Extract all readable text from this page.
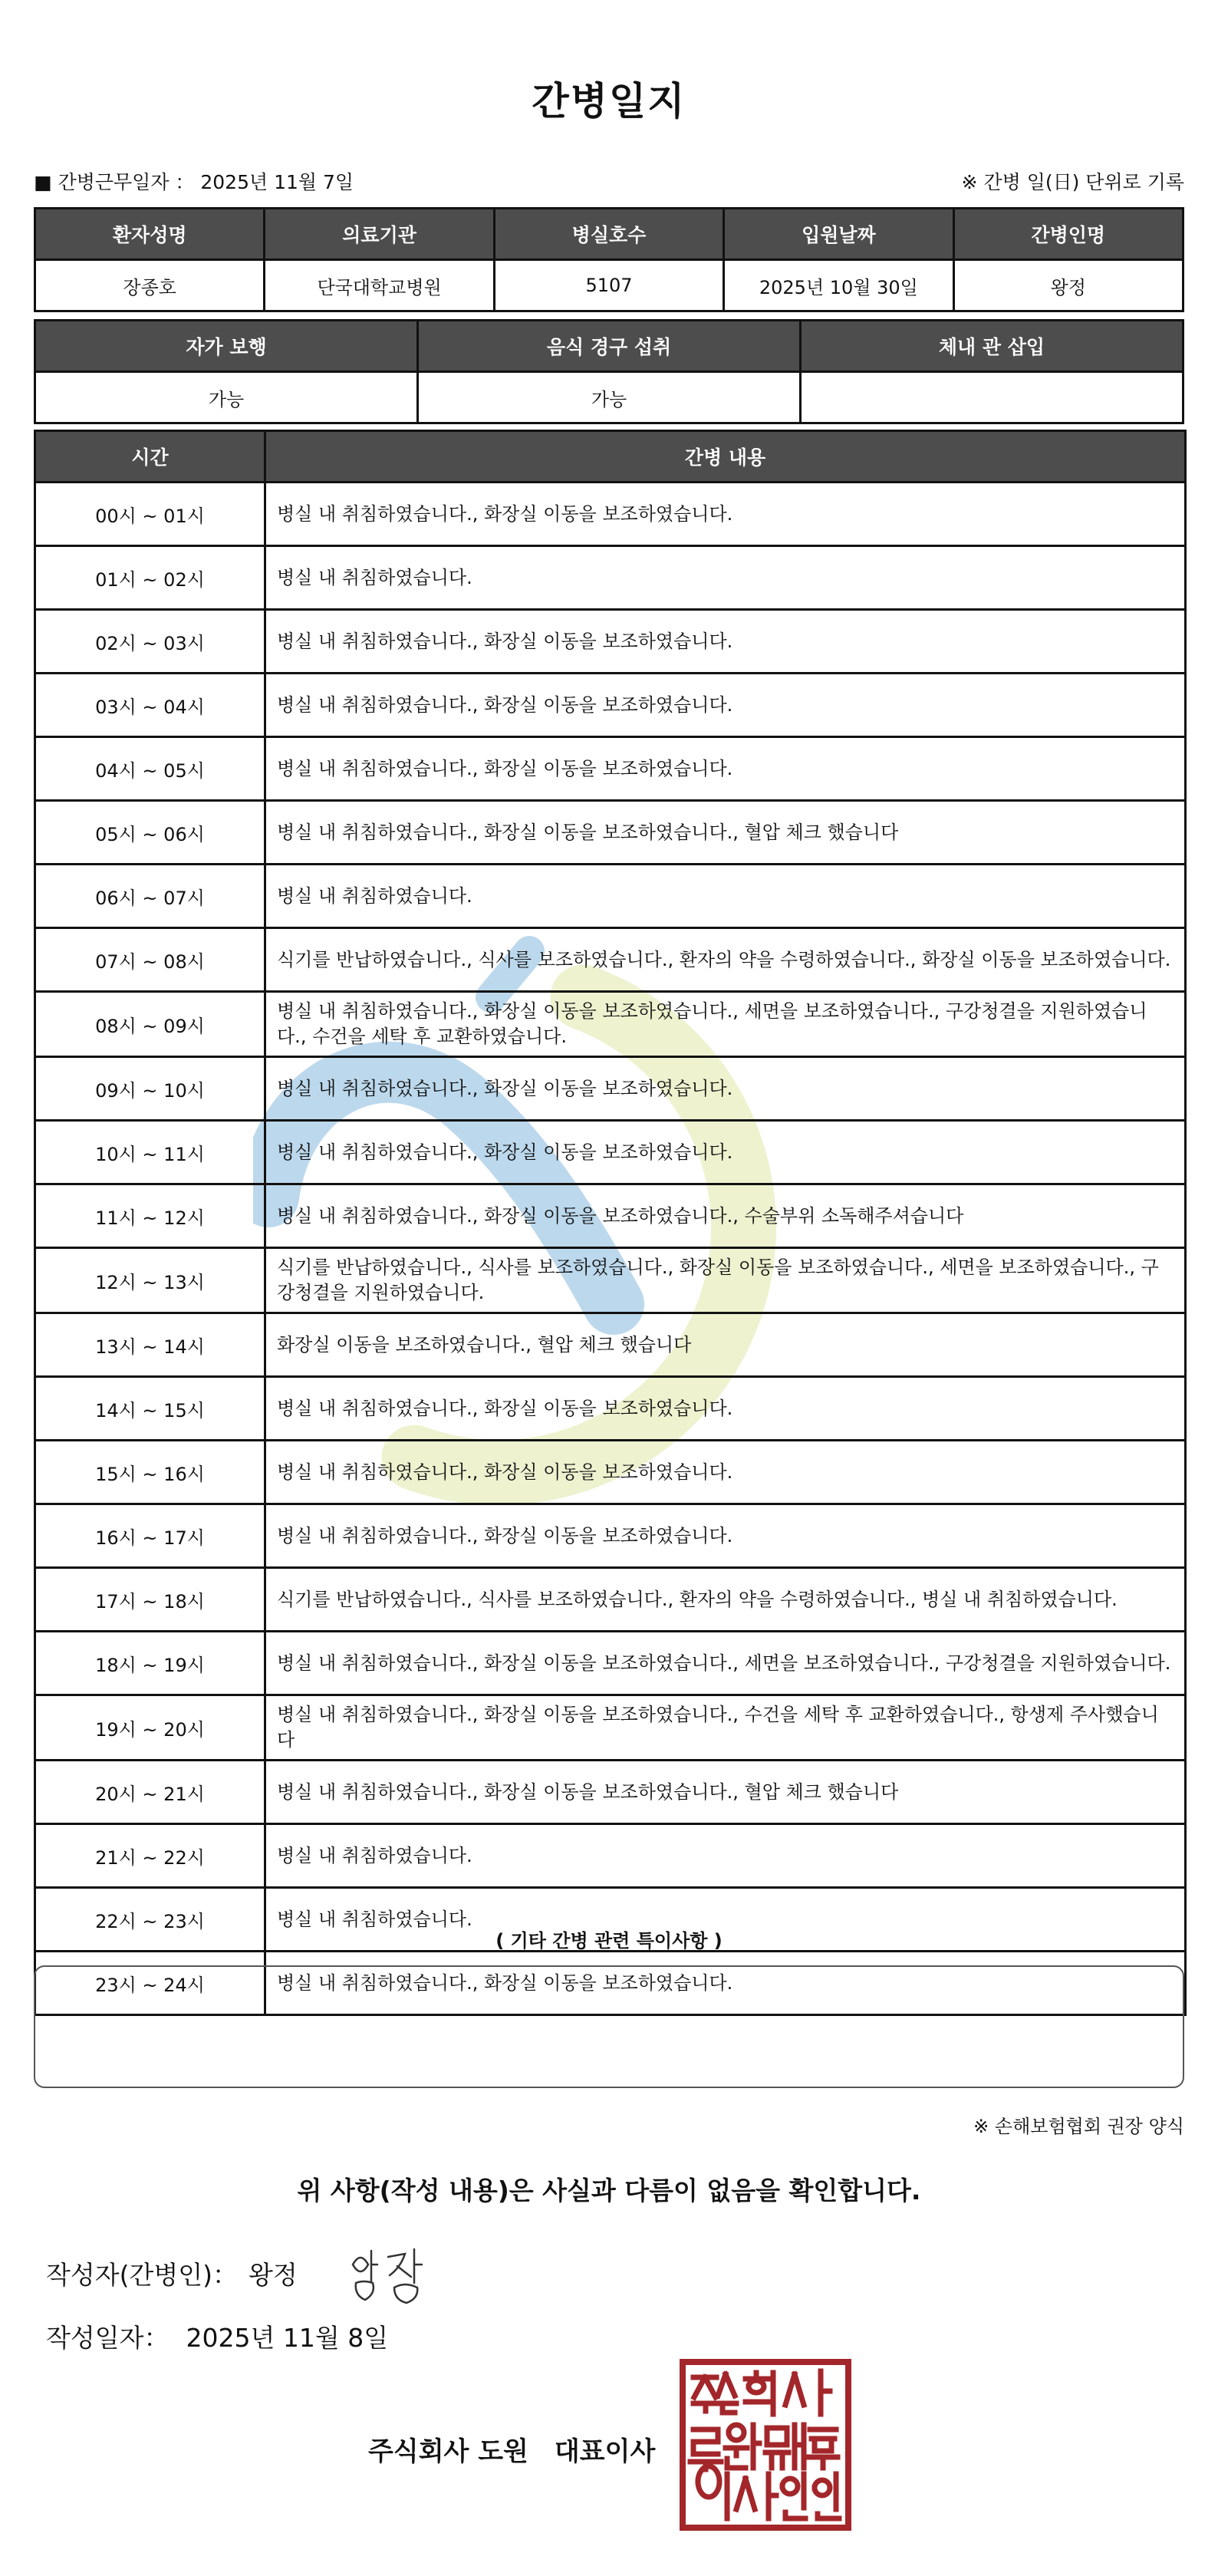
간병일지
■ 간병근무일자 ： 2025년 11월 7일	※ 간병 일(日) 단위로 기록
환자성명	의료기관	병실호수	입원날짜	간병인명
장종호	단국대학교병원	5107	2025년 10월 30일	왕정
자가 보행	음식 경구 섭취	체내 관 삽입
가능	가능	
시간	간병 내용
00시 ~ 01시	병실 내 취침하였습니다., 화장실 이동을 보조하였습니다.
01시 ~ 02시	병실 내 취침하였습니다.
02시 ~ 03시	병실 내 취침하였습니다., 화장실 이동을 보조하였습니다.
03시 ~ 04시	병실 내 취침하였습니다., 화장실 이동을 보조하였습니다.
04시 ~ 05시	병실 내 취침하였습니다., 화장실 이동을 보조하였습니다.
05시 ~ 06시	병실 내 취침하였습니다., 화장실 이동을 보조하였습니다., 혈압 체크 했습니다
06시 ~ 07시	병실 내 취침하였습니다.
07시 ~ 08시	식기를 반납하였습니다., 식사를 보조하였습니다., 환자의 약을 수령하였습니다., 화장실 이동을 보조하였습니다.
08시 ~ 09시	병실 내 취침하였습니다., 화장실 이동을 보조하였습니다., 세면을 보조하였습니다., 구강청결을 지원하였습니다., 수건을 세탁 후 교환하였습니다.
09시 ~ 10시	병실 내 취침하였습니다., 화장실 이동을 보조하였습니다.
10시 ~ 11시	병실 내 취침하였습니다., 화장실 이동을 보조하였습니다.
11시 ~ 12시	병실 내 취침하였습니다., 화장실 이동을 보조하였습니다., 수술부위 소독해주셔습니다
12시 ~ 13시	식기를 반납하였습니다., 식사를 보조하였습니다., 화장실 이동을 보조하였습니다., 세면을 보조하였습니다., 구강청결을 지원하였습니다.
13시 ~ 14시	화장실 이동을 보조하였습니다., 혈압 체크 했습니다
14시 ~ 15시	병실 내 취침하였습니다., 화장실 이동을 보조하였습니다.
15시 ~ 16시	병실 내 취침하였습니다., 화장실 이동을 보조하였습니다.
16시 ~ 17시	병실 내 취침하였습니다., 화장실 이동을 보조하였습니다.
17시 ~ 18시	식기를 반납하였습니다., 식사를 보조하였습니다., 환자의 약을 수령하였습니다., 병실 내 취침하였습니다.
18시 ~ 19시	병실 내 취침하였습니다., 화장실 이동을 보조하였습니다., 세면을 보조하였습니다., 구강청결을 지원하였습니다.
19시 ~ 20시	병실 내 취침하였습니다., 화장실 이동을 보조하였습니다., 수건을 세탁 후 교환하였습니다., 항생제 주사했습니다
20시 ~ 21시	병실 내 취침하였습니다., 화장실 이동을 보조하였습니다., 혈압 체크 했습니다
21시 ~ 22시	병실 내 취침하였습니다.
22시 ~ 23시	병실 내 취침하였습니다.
23시 ~ 24시	병실 내 취침하였습니다., 화장실 이동을 보조하였습니다.
( 기타 간병 관련 특이사항 )
※ 손해보험협회 권장 양식
위 사항(작성 내용)은 사실과 다름이 없음을 확인합니다.
작성자(간병인)： 왕정
작성일자： 2025년 11월 8일
주식회사 도원 대표이사
